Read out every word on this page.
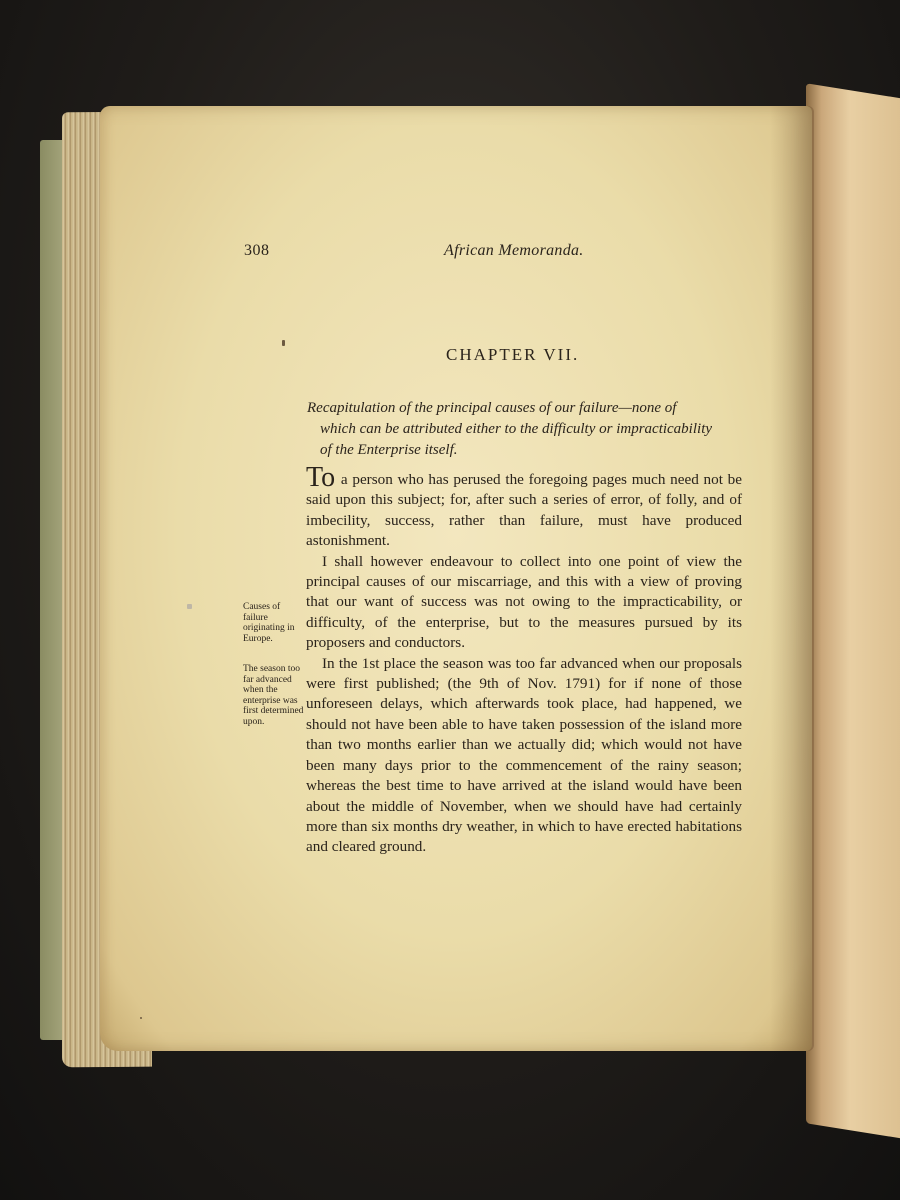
308	African Memoranda.
CHAPTER VII.
Recapitulation of the principal causes of our failure—none of
which can be attributed either to the difficulty or impracticability
of the Enterprise itself.

To a person who has perused the foregoing pages much need not be said upon this subject; for, after such a series of error, of folly, and of imbecility, success, rather than failure, must have produced astonishment.

I shall however endeavour to collect into one point of view the principal causes of our miscarriage, and this with a view of proving that our want of success was not owing to the impracticability, or difficulty, of the enterprise, but to the measures pursued by its proposers and conductors.

In the 1st place the season was too far advanced when our proposals were first published; (the 9th of Nov. 1791) for if none of those unforeseen delays, which afterwards took place, had happened, we should not have been able to have taken possession of the island more than two months earlier than we actually did; which would not have been many days prior to the commencement of the rainy season; whereas the best time to have arrived at the island would have been about the middle of November, when we should have had certainly more than six months dry weather, in which to have erected habitations and cleared ground.

Causes of failure originating in Europe.
The season too far advanced when the enterprise was first determined upon.
